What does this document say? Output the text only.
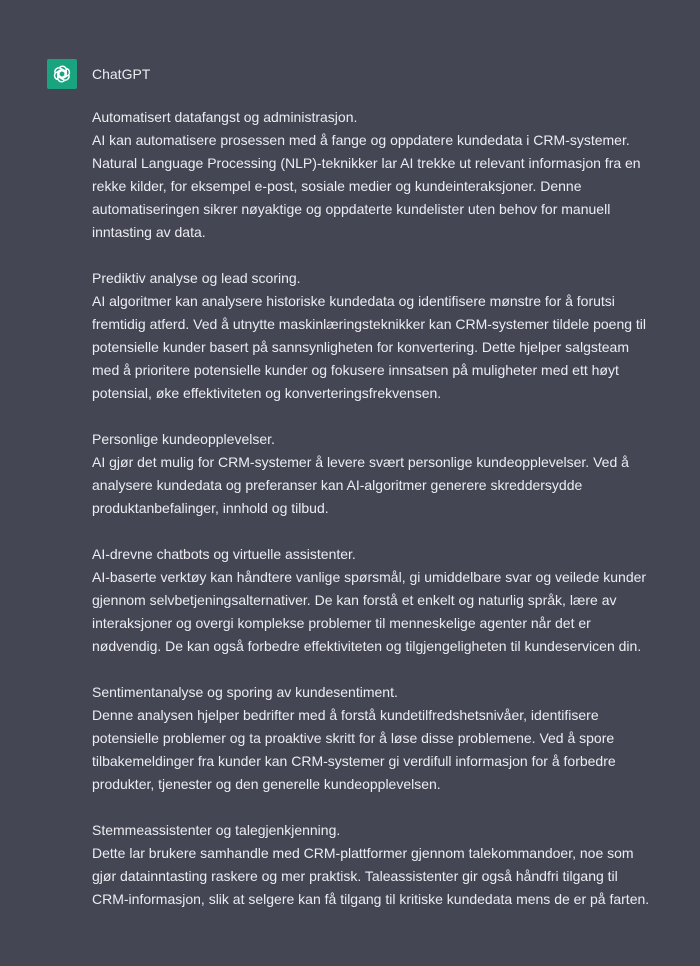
ChatGPT

Automatisert datafangst og administrasjon.

AI kan automatisere prosessen med å fange og oppdatere kundedata i CRM-systemer. Natural Language Processing (NLP)-teknikker lar AI trekke ut relevant informasjon fra en rekke kilder, for eksempel e-post, sosiale medier og kundeinteraksjoner. Denne automatiseringen sikrer nøyaktige og oppdaterte kundelister uten behov for manuell inntasting av data.

Prediktiv analyse og lead scoring.

AI algoritmer kan analysere historiske kundedata og identifisere mønstre for å forutsi fremtidig atferd. Ved å utnytte maskinlæringsteknikker kan CRM-systemer tildele poeng til potensielle kunder basert på sannsynligheten for konvertering. Dette hjelper salgsteam med å prioritere potensielle kunder og fokusere innsatsen på muligheter med ett høyt potensial, øke effektiviteten og konverteringsfrekvensen.

Personlige kundeopplevelser.

AI gjør det mulig for CRM-systemer å levere svært personlige kundeopplevelser. Ved å analysere kundedata og preferanser kan AI-algoritmer generere skreddersydde produktanbefalinger, innhold og tilbud.

AI-drevne chatbots og virtuelle assistenter.

AI-baserte verktøy kan håndtere vanlige spørsmål, gi umiddelbare svar og veilede kunder gjennom selvbetjeningsalternativer. De kan forstå et enkelt og naturlig språk, lære av interaksjoner og overgi komplekse problemer til menneskelige agenter når det er nødvendig. De kan også forbedre effektiviteten og tilgjengeligheten til kundeservicen din.

Sentimentanalyse og sporing av kundesentiment.

Denne analysen hjelper bedrifter med å forstå kundetilfredshetsnivåer, identifisere potensielle problemer og ta proaktive skritt for å løse disse problemene. Ved å spore tilbakemeldinger fra kunder kan CRM-systemer gi verdifull informasjon for å forbedre produkter, tjenester og den generelle kundeopplevelsen.

Stemmeassistenter og talegjenkjenning.

Dette lar brukere samhandle med CRM-plattformer gjennom talekommandoer, noe som gjør datainntasting raskere og mer praktisk. Taleassistenter gir også håndfri tilgang til CRM-informasjon, slik at selgere kan få tilgang til kritiske kundedata mens de er på farten.
